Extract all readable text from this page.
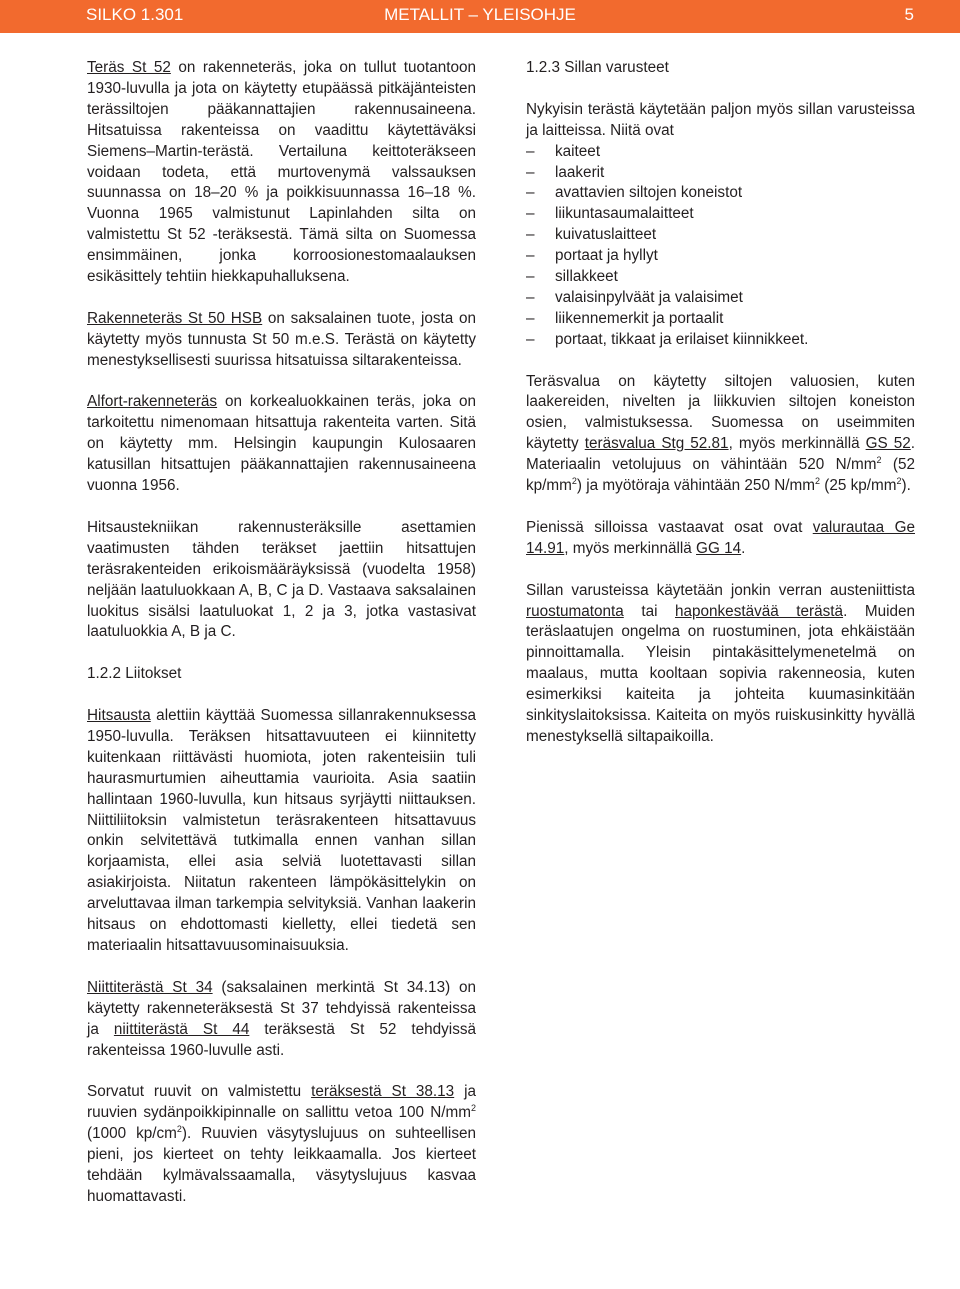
SILKO 1.301	METALLIT – YLEISOHJE	5

Teräs St 52 on rakenneteräs, joka on tullut tuotantoon 1930-luvulla ja jota on käytetty etupäässä pitkäjänteisten terässiltojen pääkannattajien rakennusaineena. Hitsatuissa rakenteissa on vaadittu käytettäväksi Siemens–Martin-terästä. Vertailuna keittoteräkseen voidaan todeta, että murtovenymä valssauksen suunnassa on 18–20 % ja poikkisuunnassa 16–18 %. Vuonna 1965 valmistunut Lapinlahden silta on valmistettu St 52 -teräksestä. Tämä silta on Suomessa ensimmäinen, jonka korroosionestomaalauksen esikäsittely tehtiin hiekkapuhalluksena.

Rakenneteräs St 50 HSB on saksalainen tuote, josta on käytetty myös tunnusta St 50 m.e.S. Terästä on käytetty menestyksellisesti suurissa hitsatuissa siltarakenteissa.

Alfort-rakenneteräs on korkealuokkainen teräs, joka on tarkoitettu nimenomaan hitsattuja rakenteita varten. Sitä on käytetty mm. Helsingin kaupungin Kulosaaren katusillan hitsattujen pääkannattajien rakennusaineena vuonna 1956.

Hitsaustekniikan rakennusteräksille asettamien vaatimusten tähden teräkset jaettiin hitsattujen teräsrakenteiden erikoismääräyksissä (vuodelta 1958) neljään laatuluokkaan A, B, C ja D. Vastaava saksalainen luokitus sisälsi laatuluokat 1, 2 ja 3, jotka vastasivat laatuluokkia A, B ja C.

1.2.2 Liitokset

Hitsausta alettiin käyttää Suomessa sillanrakennuksessa 1950-luvulla. Teräksen hitsattavuuteen ei kiinnitetty kuitenkaan riittävästi huomiota, joten rakenteisiin tuli haurasmurtumien aiheuttamia vaurioita. Asia saatiin hallintaan 1960-luvulla, kun hitsaus syrjäytti niittauksen. Niittiliitoksin valmistetun teräsrakenteen hitsattavuus onkin selvitettävä tutkimalla ennen vanhan sillan korjaamista, ellei asia selviä luotettavasti sillan asiakirjoista. Niitatun rakenteen lämpökäsittelykin on arveluttavaa ilman tarkempia selvityksiä. Vanhan laakerin hitsaus on ehdottomasti kielletty, ellei tiedetä sen materiaalin hitsattavuusominaisuuksia.

Niittiterästä St 34 (saksalainen merkintä St 34.13) on käytetty rakenneteräksestä St 37 tehdyissä rakenteissa ja niittiterästä St 44 teräksestä St 52 tehdyissä rakenteissa 1960-luvulle asti.

Sorvatut ruuvit on valmistettu teräksestä St 38.13 ja ruuvien sydänpoikkipinnalle on sallittu vetoa 100 $N/mm^2$ (1000 $kp/cm^2$). Ruuvien väsytyslujuus on suhteellisen pieni, jos kierteet on tehty leikkaamalla. Jos kierteet tehdään kylmävalssaamalla, väsytyslujuus kasvaa huomattavasti.

1.2.3 Sillan varusteet

Nykyisin terästä käytetään paljon myös sillan varusteissa ja laitteissa. Niitä ovat

– kaiteet
– laakerit
– avattavien siltojen koneistot
– liikuntasaumalaitteet
– kuivatuslaitteet
– portaat ja hyllyt
– sillakkeet
– valaisinpylväät ja valaisimet
– liikennemerkit ja portaalit
– portaat, tikkaat ja erilaiset kiinnikkeet.

Teräsvalua on käytetty siltojen valuosien, kuten laakereiden, nivelten ja liikkuvien siltojen koneiston osien, valmistuksessa. Suomessa on useimmiten käytetty teräsvalua Stg 52.81, myös merkinnällä GS 52. Materiaalin vetolujuus on vähintään 520 $N/mm^2$ (52 $kp/mm^2$) ja myötöraja vähintään 250 $N/mm^2$ (25 $kp/mm^2$).

Pienissä silloissa vastaavat osat ovat valurautaa Ge 14.91, myös merkinnällä GG 14.

Sillan varusteissa käytetään jonkin verran austeniittista ruostumatonta tai haponkestävää terästä. Muiden teräslaatujen ongelma on ruostuminen, jota ehkäistään pinnoittamalla. Yleisin pintakäsittelymenetelmä on maalaus, mutta kooltaan sopivia rakenneosia, kuten esimerkiksi kaiteita ja johteita kuumasinkitään sinkityslaitoksissa. Kaiteita on myös ruiskusinkitty hyvällä menestyksellä siltapaikoilla.
